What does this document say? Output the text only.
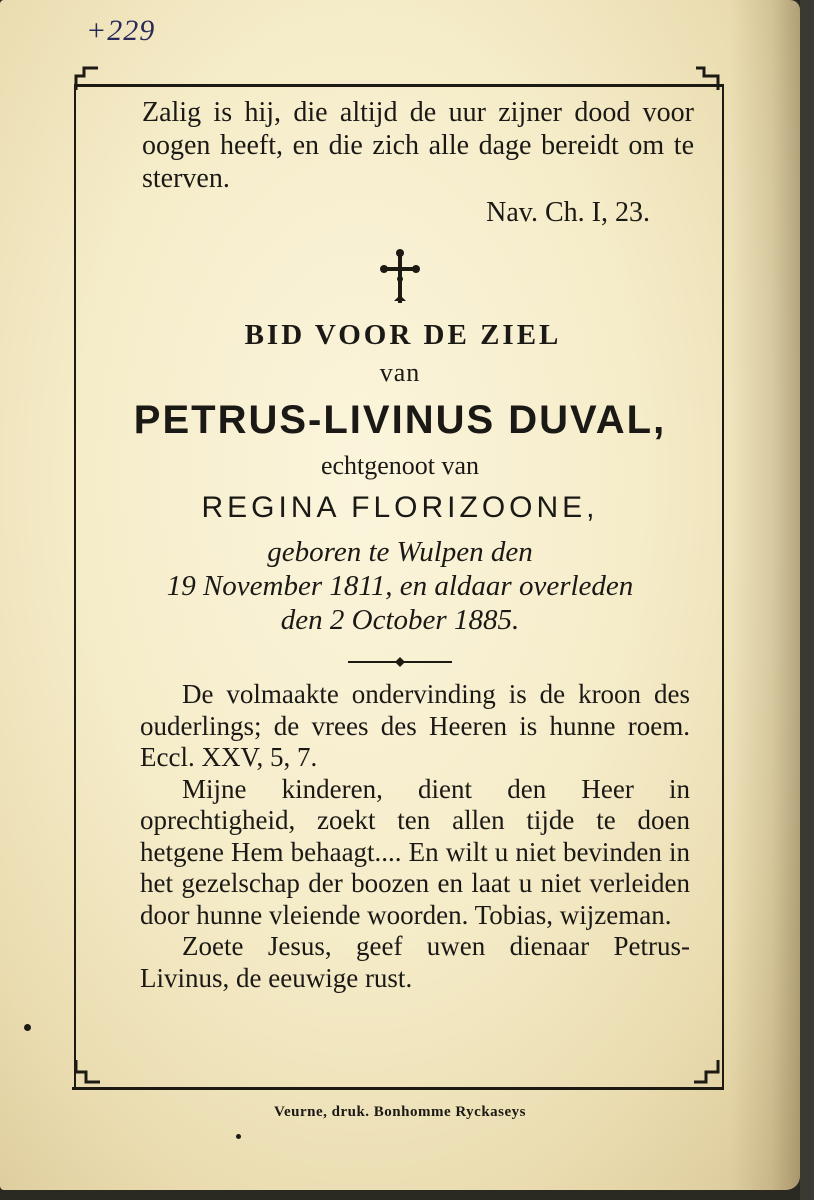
+229

Zalig is hij, die altijd de uur zijner dood voor oogen heeft, en die zich alle dage bereidt om te sterven.

Nav. Ch. I, 23.
BID VOOR DE ZIEL
van
PETRUS-LIVINUS DUVAL,
echtgenoot van
REGINA FLORIZOONE,
geboren te Wulpen den
19 November 1811, en aldaar overleden
den 2 October 1885.

De volmaakte ondervinding is de kroon des ouderlings; de vrees des Heeren is hunne roem. Eccl. XXV, 5, 7.

Mijne kinderen, dient den Heer in oprechtigheid, zoekt ten allen tijde te doen hetgene Hem behaagt.... En wilt u niet bevinden in het gezelschap der boozen en laat u niet verleiden door hunne vleiende woorden. Tobias, wijzeman.

Zoete Jesus, geef uwen dienaar Petrus-Livinus, de eeuwige rust.

Veurne, druk. Bonhomme Ryckaseys
